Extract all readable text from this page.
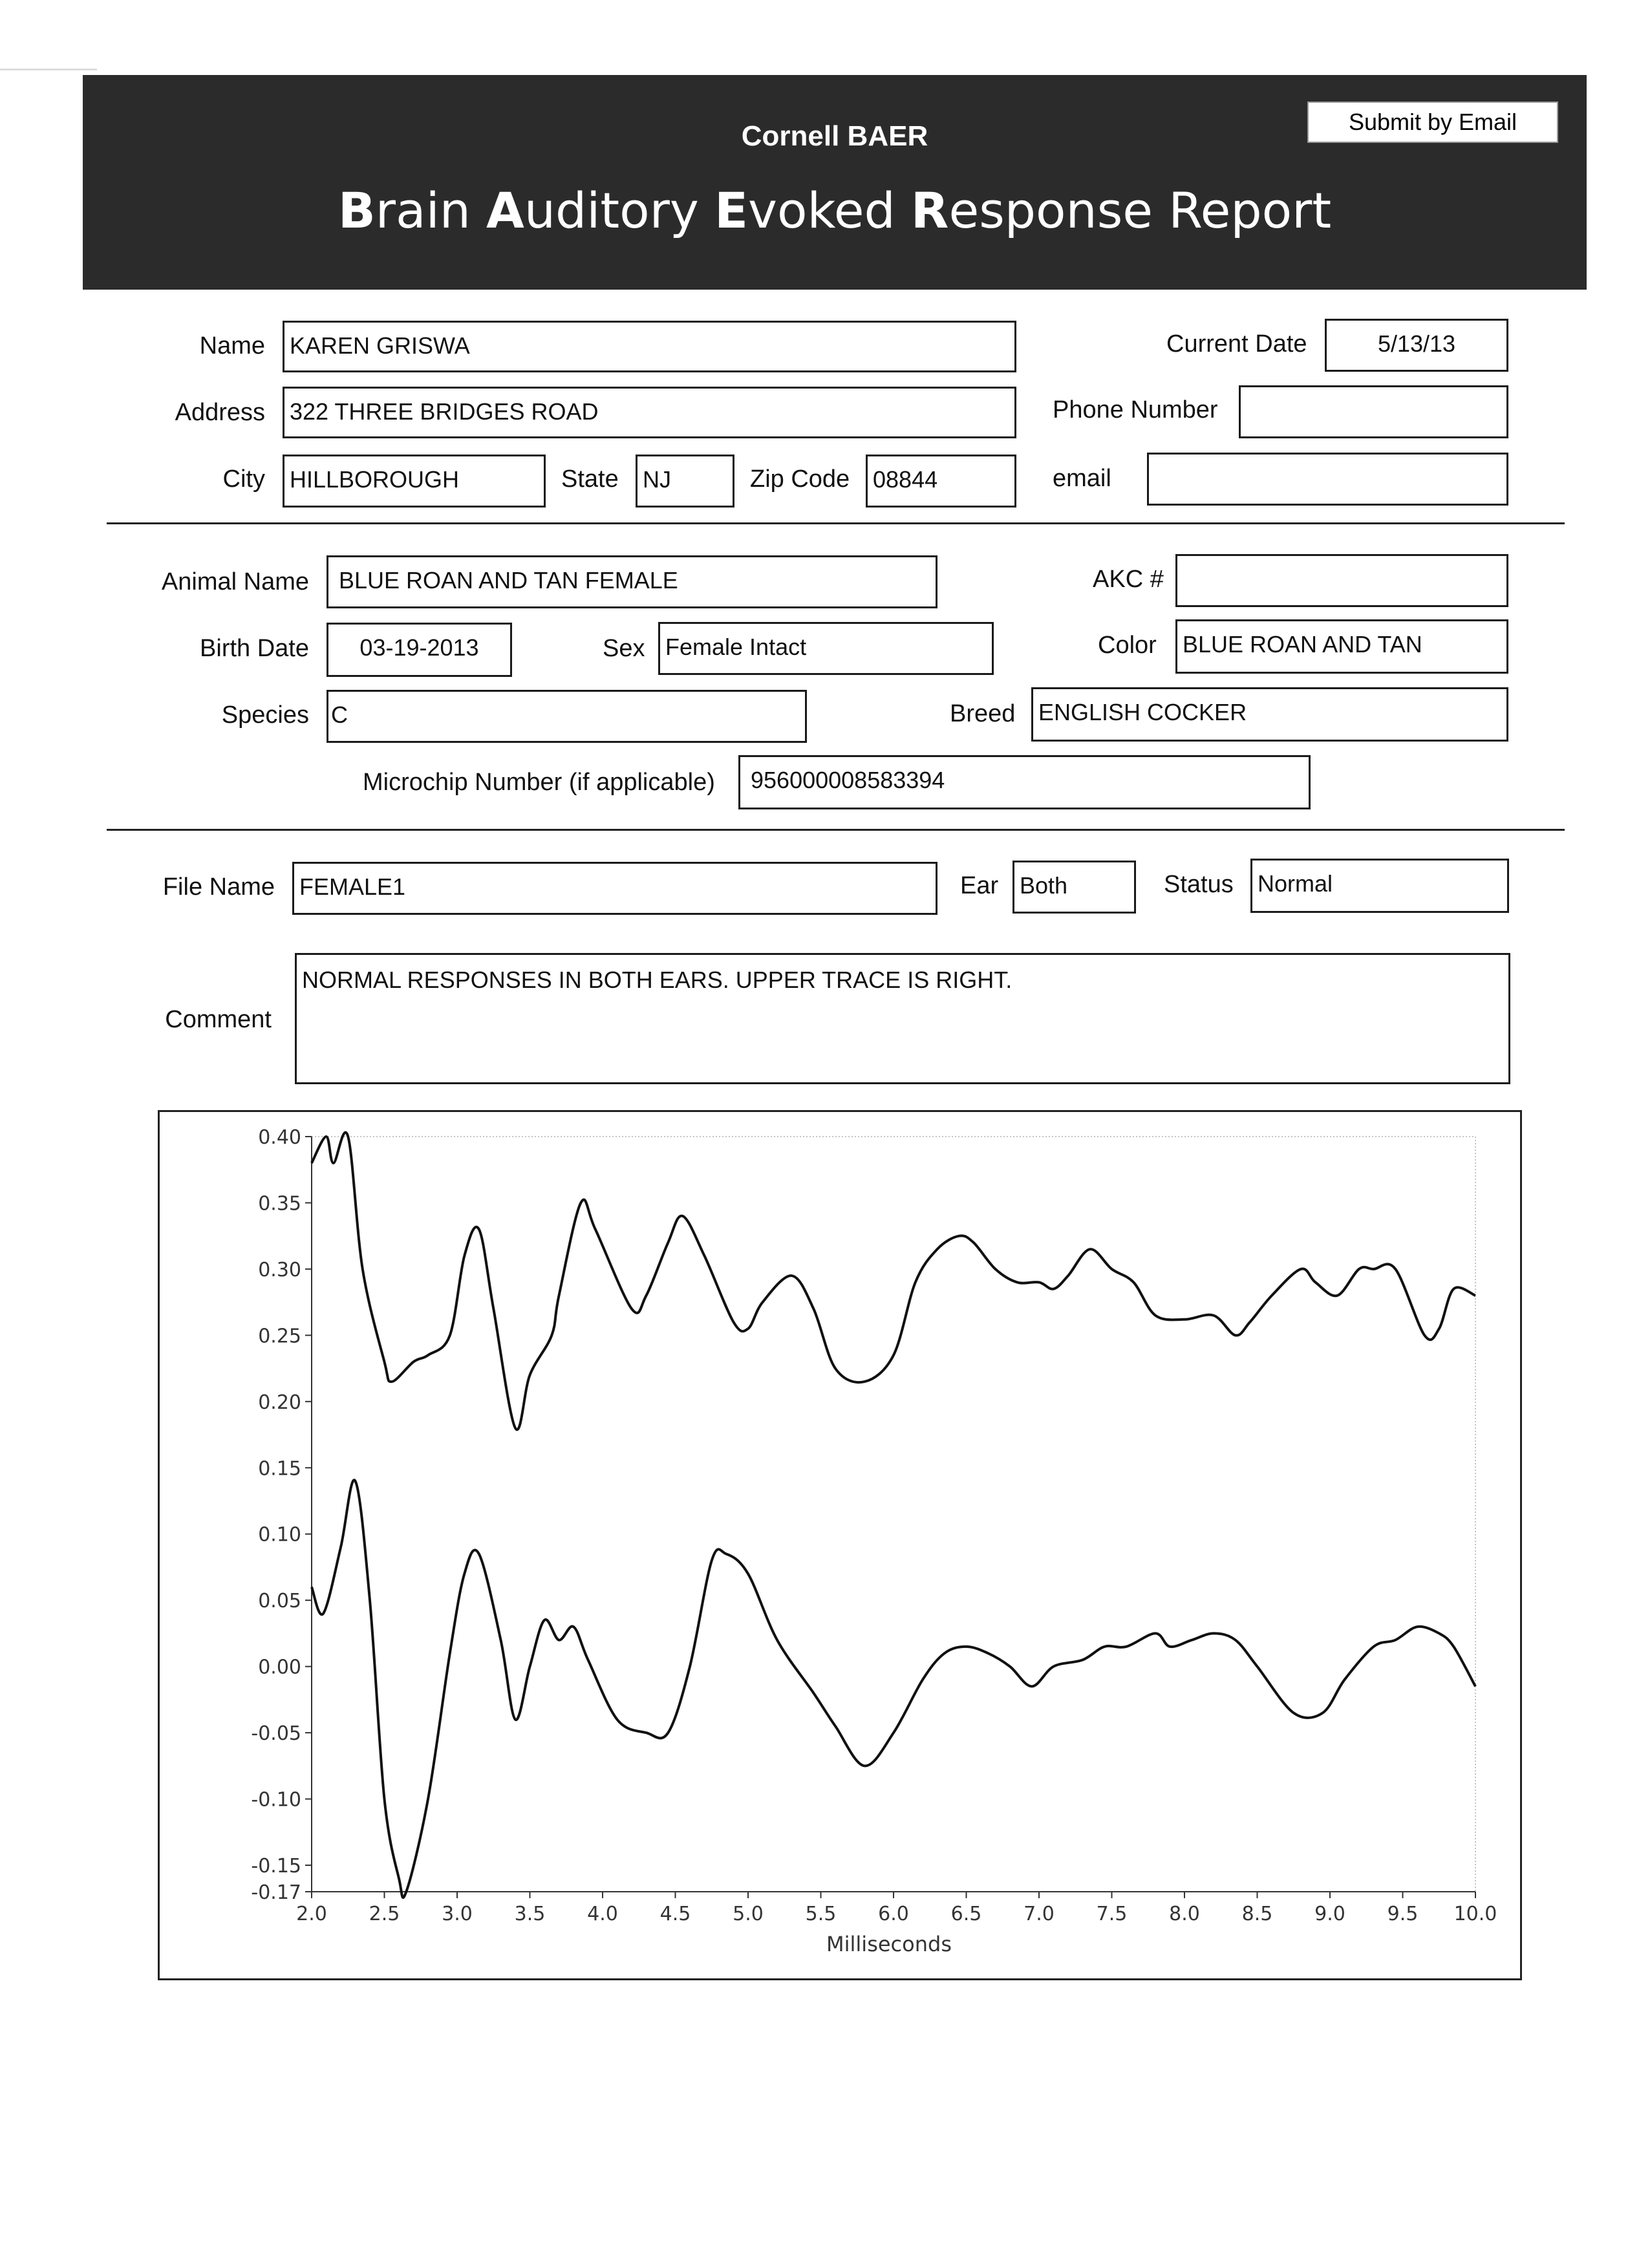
Cornell BAER
Brain Auditory Evoked Response Report
Submit by Email
Name	KAREN GRISWA
Address	322 THREE BRIDGES ROAD
City	HILLBOROUGH	State	NJ	Zip Code 08844
Current Date	5/13/13
Phone Number
email
Animal Name	BLUE ROAN AND TAN FEMALE	AKC #
Birth Date	03-19-2013	Sex Female Intact	Color	BLUE ROAN AND TAN
Species C	Breed ENGLISH COCKER
Microchip Number (if applicable)	956000008583394
File Name	FEMALE1	Ear Both	Status	Normal
Comment
NORMAL RESPONSES IN BOTH EARS. UPPER TRACE IS RIGHT.
0.40
0.35
0.30
0.25
0.20
0.15
0.10
0.05
0.00
-0.05
-0.10
-0.15
-0.17
2.0 2.5 3.0 3.5 4.0 4.5 5.0 5.5 6.0 6.5 7.0 7.5 8.0 8.5 9.0 9.5 10.0
Milliseconds
